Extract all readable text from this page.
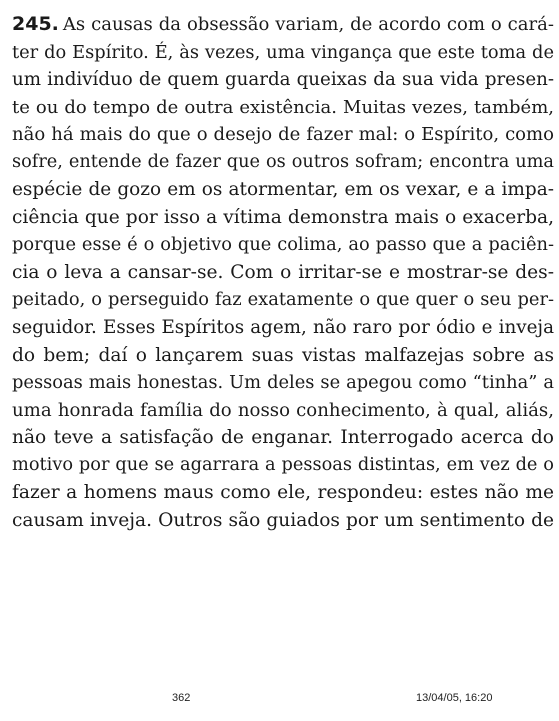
245. As causas da obsessão variam, de acordo com o cará-
ter do Espírito. É, às vezes, uma vingança que este toma de
um indivíduo de quem guarda queixas da sua vida presen-
te ou do tempo de outra existência. Muitas vezes, também,
não há mais do que o desejo de fazer mal: o Espírito, como
sofre, entende de fazer que os outros sofram; encontra uma
espécie de gozo em os atormentar, em os vexar, e a impa-
ciência que por isso a vítima demonstra mais o exacerba,
porque esse é o objetivo que colima, ao passo que a paciên-
cia o leva a cansar-se. Com o irritar-se e mostrar-se des-
peitado, o perseguido faz exatamente o que quer o seu per-
seguidor. Esses Espíritos agem, não raro por ódio e inveja
do bem; daí o lançarem suas vistas malfazejas sobre as
pessoas mais honestas. Um deles se apegou como “tinha” a
uma honrada família do nosso conhecimento, à qual, aliás,
não teve a satisfação de enganar. Interrogado acerca do
motivo por que se agarrara a pessoas distintas, em vez de o
fazer a homens maus como ele, respondeu: estes não me
causam inveja. Outros são guiados por um sentimento de
362	13/04/05, 16:20
